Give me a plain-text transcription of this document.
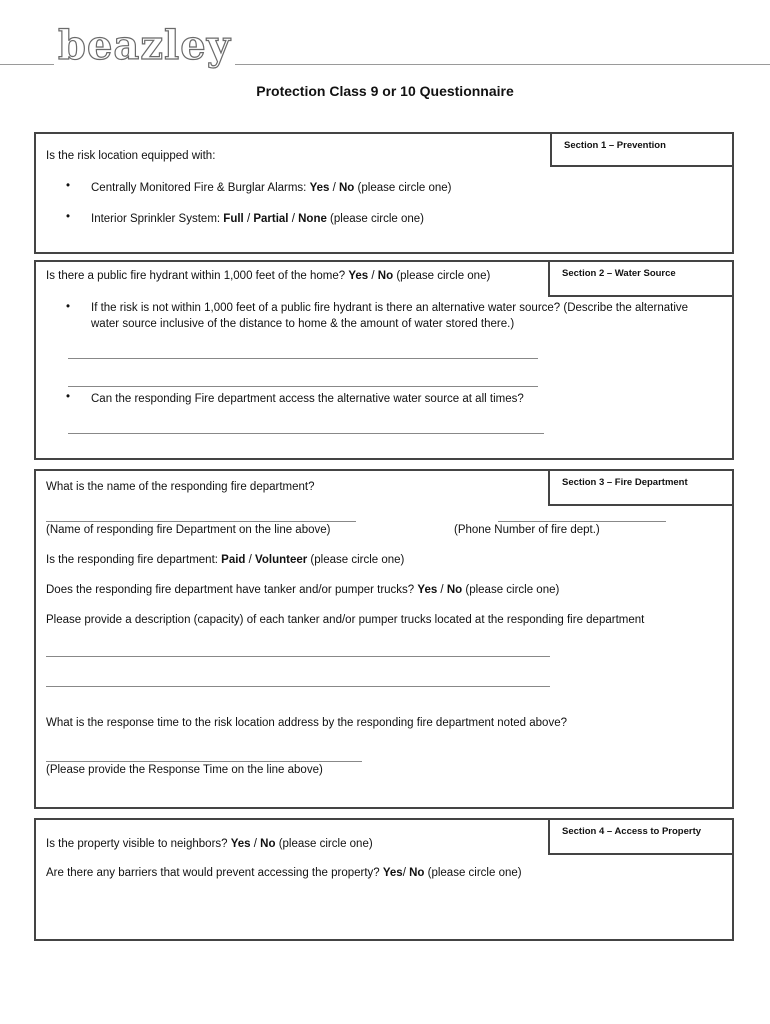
beazley
Protection Class 9 or 10 Questionnaire
Section 1 – Prevention
Is the risk location equipped with:
• Centrally Monitored Fire & Burglar Alarms: Yes / No (please circle one)
• Interior Sprinkler System: Full / Partial / None (please circle one)
Section 2 – Water Source
Is there a public fire hydrant within 1,000 feet of the home? Yes / No (please circle one)
• If the risk is not within 1,000 feet of a public fire hydrant is there an alternative water source? (Describe the alternative water source inclusive of the distance to home & the amount of water stored there.)
• Can the responding Fire department access the alternative water source at all times?
Section 3 – Fire Department
What is the name of the responding fire department?
(Name of responding fire Department on the line above)	(Phone Number of fire dept.)
Is the responding fire department: Paid / Volunteer (please circle one)
Does the responding fire department have tanker and/or pumper trucks? Yes / No (please circle one)
Please provide a description (capacity) of each tanker and/or pumper trucks located at the responding fire department
What is the response time to the risk location address by the responding fire department noted above?
(Please provide the Response Time on the line above)
Section 4 – Access to Property
Is the property visible to neighbors? Yes / No (please circle one)
Are there any barriers that would prevent accessing the property? Yes/ No (please circle one)
